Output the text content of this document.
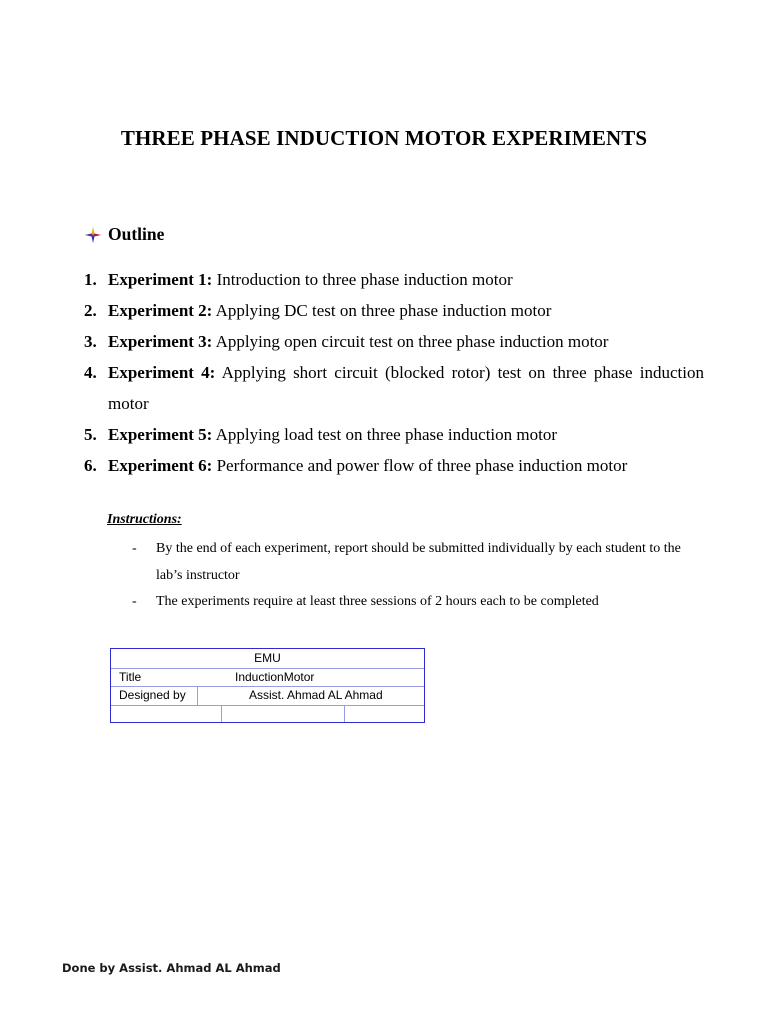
THREE PHASE INDUCTION MOTOR EXPERIMENTS
Outline
1. Experiment 1: Introduction to three phase induction motor
2. Experiment 2: Applying DC test on three phase induction motor
3. Experiment 3: Applying open circuit test on three phase induction motor
4. Experiment 4: Applying short circuit (blocked rotor) test on three phase induction motor
5. Experiment 5: Applying load test on three phase induction motor
6. Experiment 6: Performance and power flow of three phase induction motor
Instructions:
-	By the end of each experiment, report should be submitted individually by each student to the lab’s instructor
-	The experiments require at least three sessions of 2 hours each to be completed
EMU
Title	InductionMotor
Designed by	Assist. Ahmad AL Ahmad
Done by Assist. Ahmad AL Ahmad
